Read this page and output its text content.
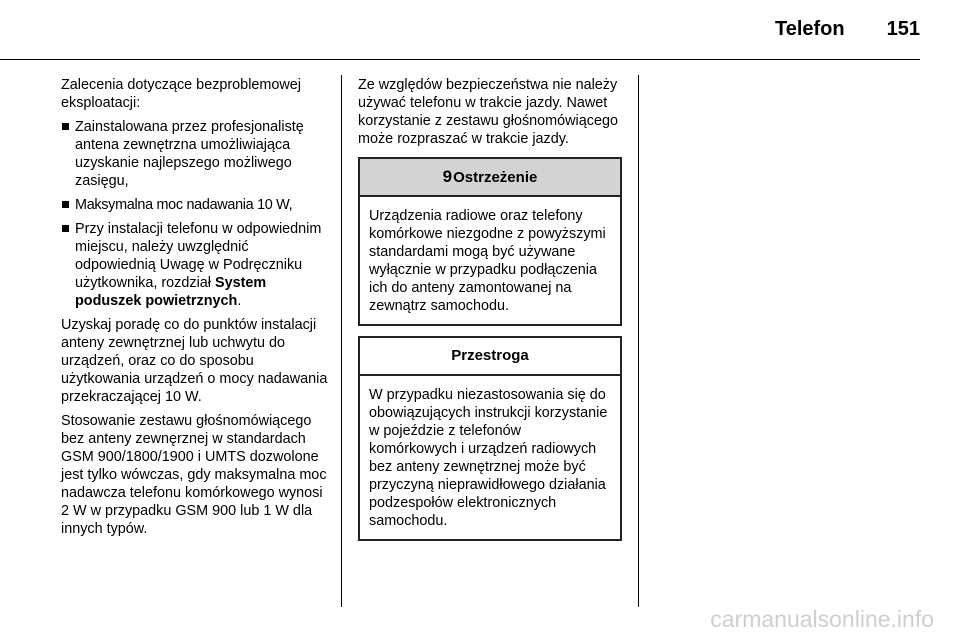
Telefon 151

Zalecenia dotyczące bezproblemowej eksploatacji:

Zainstalowana przez profesjonalistę antena zewnętrzna umożliwiająca uzyskanie najlepszego możliwego zasięgu,
Maksymalna moc nadawania 10 W,
Przy instalacji telefonu w odpowiednim miejscu, należy uwzględnić odpowiednią Uwagę w Podręczniku użytkownika, rozdział System poduszek powietrznych.

Uzyskaj poradę co do punktów instalacji anteny zewnętrznej lub uchwytu do urządzeń, oraz co do sposobu użytkowania urządzeń o mocy nadawania przekraczającej 10 W.

Stosowanie zestawu głośnomówiącego bez anteny zewnęrznej w standardach GSM 900/1800/1900 i UMTS dozwolone jest tylko wówczas, gdy maksymalna moc nadawcza telefonu komórkowego wynosi 2 W w przypadku GSM 900 lub 1 W dla innych typów.

Ze względów bezpieczeństwa nie należy używać telefonu w trakcie jazdy. Nawet korzystanie z zestawu głośnomówiącego może rozpraszać w trakcie jazdy.

9Ostrzeżenie
Urządzenia radiowe oraz telefony komórkowe niezgodne z powyższymi standardami mogą być używane wyłącznie w przypadku podłączenia ich do anteny zamontowanej na zewnątrz samochodu.
Przestroga
W przypadku niezastosowania się do obowiązujących instrukcji korzystanie w pojeździe z telefonów komórkowych i urządzeń radiowych bez anteny zewnętrznej może być przyczyną nieprawidłowego działania podzespołów elektronicznych samochodu.
carmanualsonline.info
